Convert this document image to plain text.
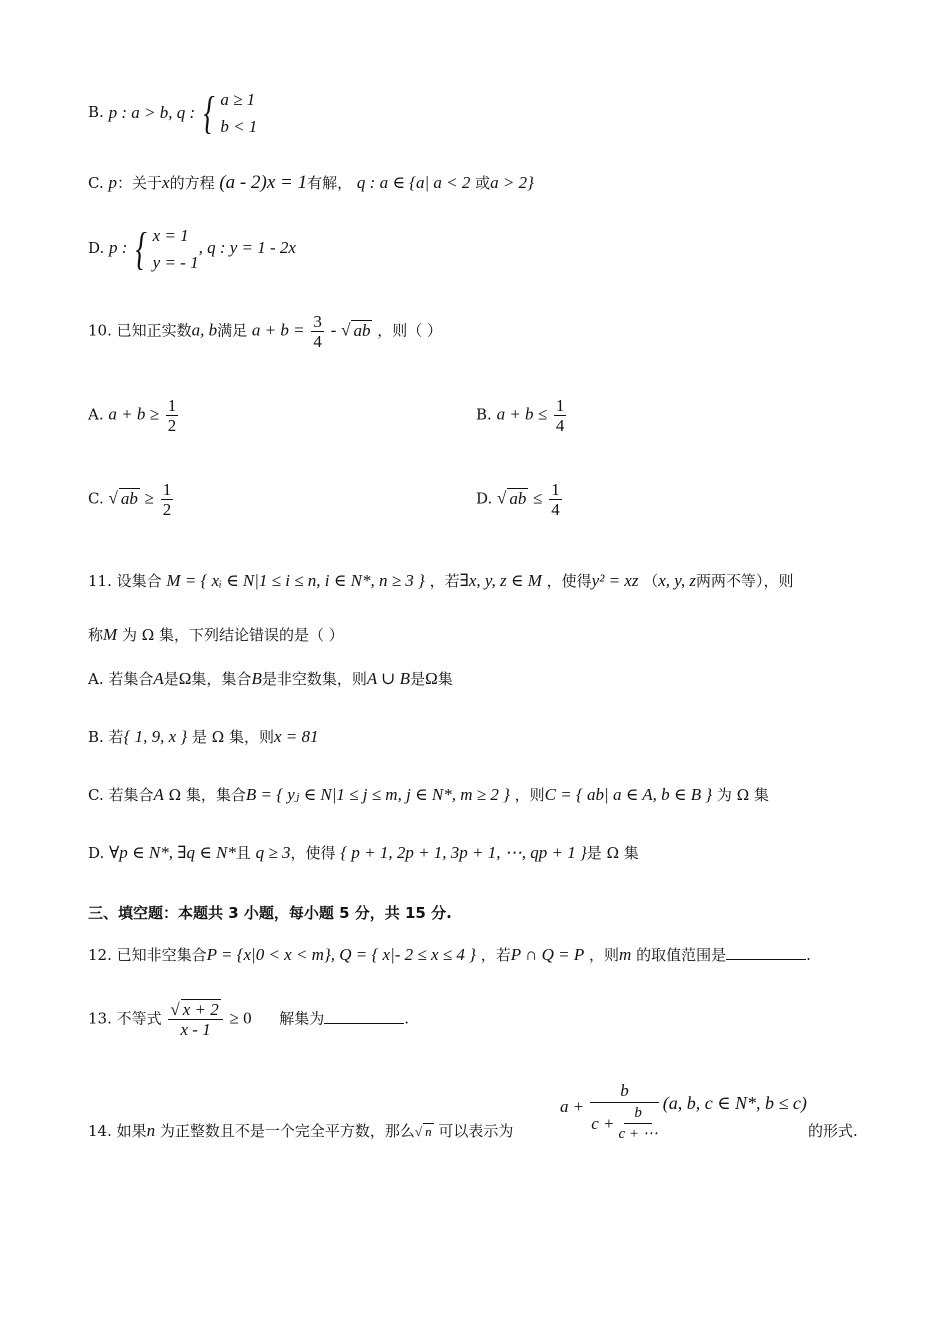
B. p : a > b, q : { a ≥ 1
b < 1
C. p：关于x的方程 (a - 2)x = 1有解， q : a ∈ {a| a < 2 或a > 2}
D. p : { x = 1
y = - 1
, q : y = 1 - 2x
10. 已知正实数a, b满足 $a + b = \frac{3}{4}$ - √ ab ，则（ ）
A. $a + b \ge \frac{1}{2}$	B. $a + b \le \frac{1}{4}$
C. √ ab ≥ $\frac{1}{2}$	D. √ ab ≤ $\frac{1}{4}$
11. 设集合 M = { xᵢ ∈ N|1 ≤ i ≤ n, i ∈ N*, n ≥ 3 } ，若∃x, y, z ∈ M ，使得y² = xz （x, y, z两两不等），则
称M 为 Ω 集，下列结论错误的是（ ）
A. 若集合A是Ω集，集合B是非空数集，则A ∪ B是Ω集
B. 若{ 1, 9, x } 是 Ω 集，则x = 81
C. 若集合A Ω 集，集合B = { yⱼ ∈ N|1 ≤ j ≤ m, j ∈ N*, m ≥ 2 } ，则C = { ab| a ∈ A, b ∈ B } 为 Ω 集
D. ∀p ∈ N*, ∃q ∈ N*且 q ≥ 3，使得 { p + 1, 2p + 1, 3p + 1, ⋯, qp + 1 }是 Ω 集
三、填空题：本题共 3 小题，每小题 5 分，共 15 分.
12. 已知非空集合P = {x|0 < x < m}, Q = { x|- 2 ≤ x ≤ 4 } ，若P ∩ Q = P ，则m 的取值范围是	.
13. 不等式 $\frac{√ x + 2}{x - 1} \ge 0$ 解集为	.
14. 如果n 为正整数且不是一个完全平方数，那么√ n 可以表示为
$a + \frac{b}{c + \frac{b}{c + \cdots}} (a$, b, c ∈ N*, b ≤ c)
的形式.
